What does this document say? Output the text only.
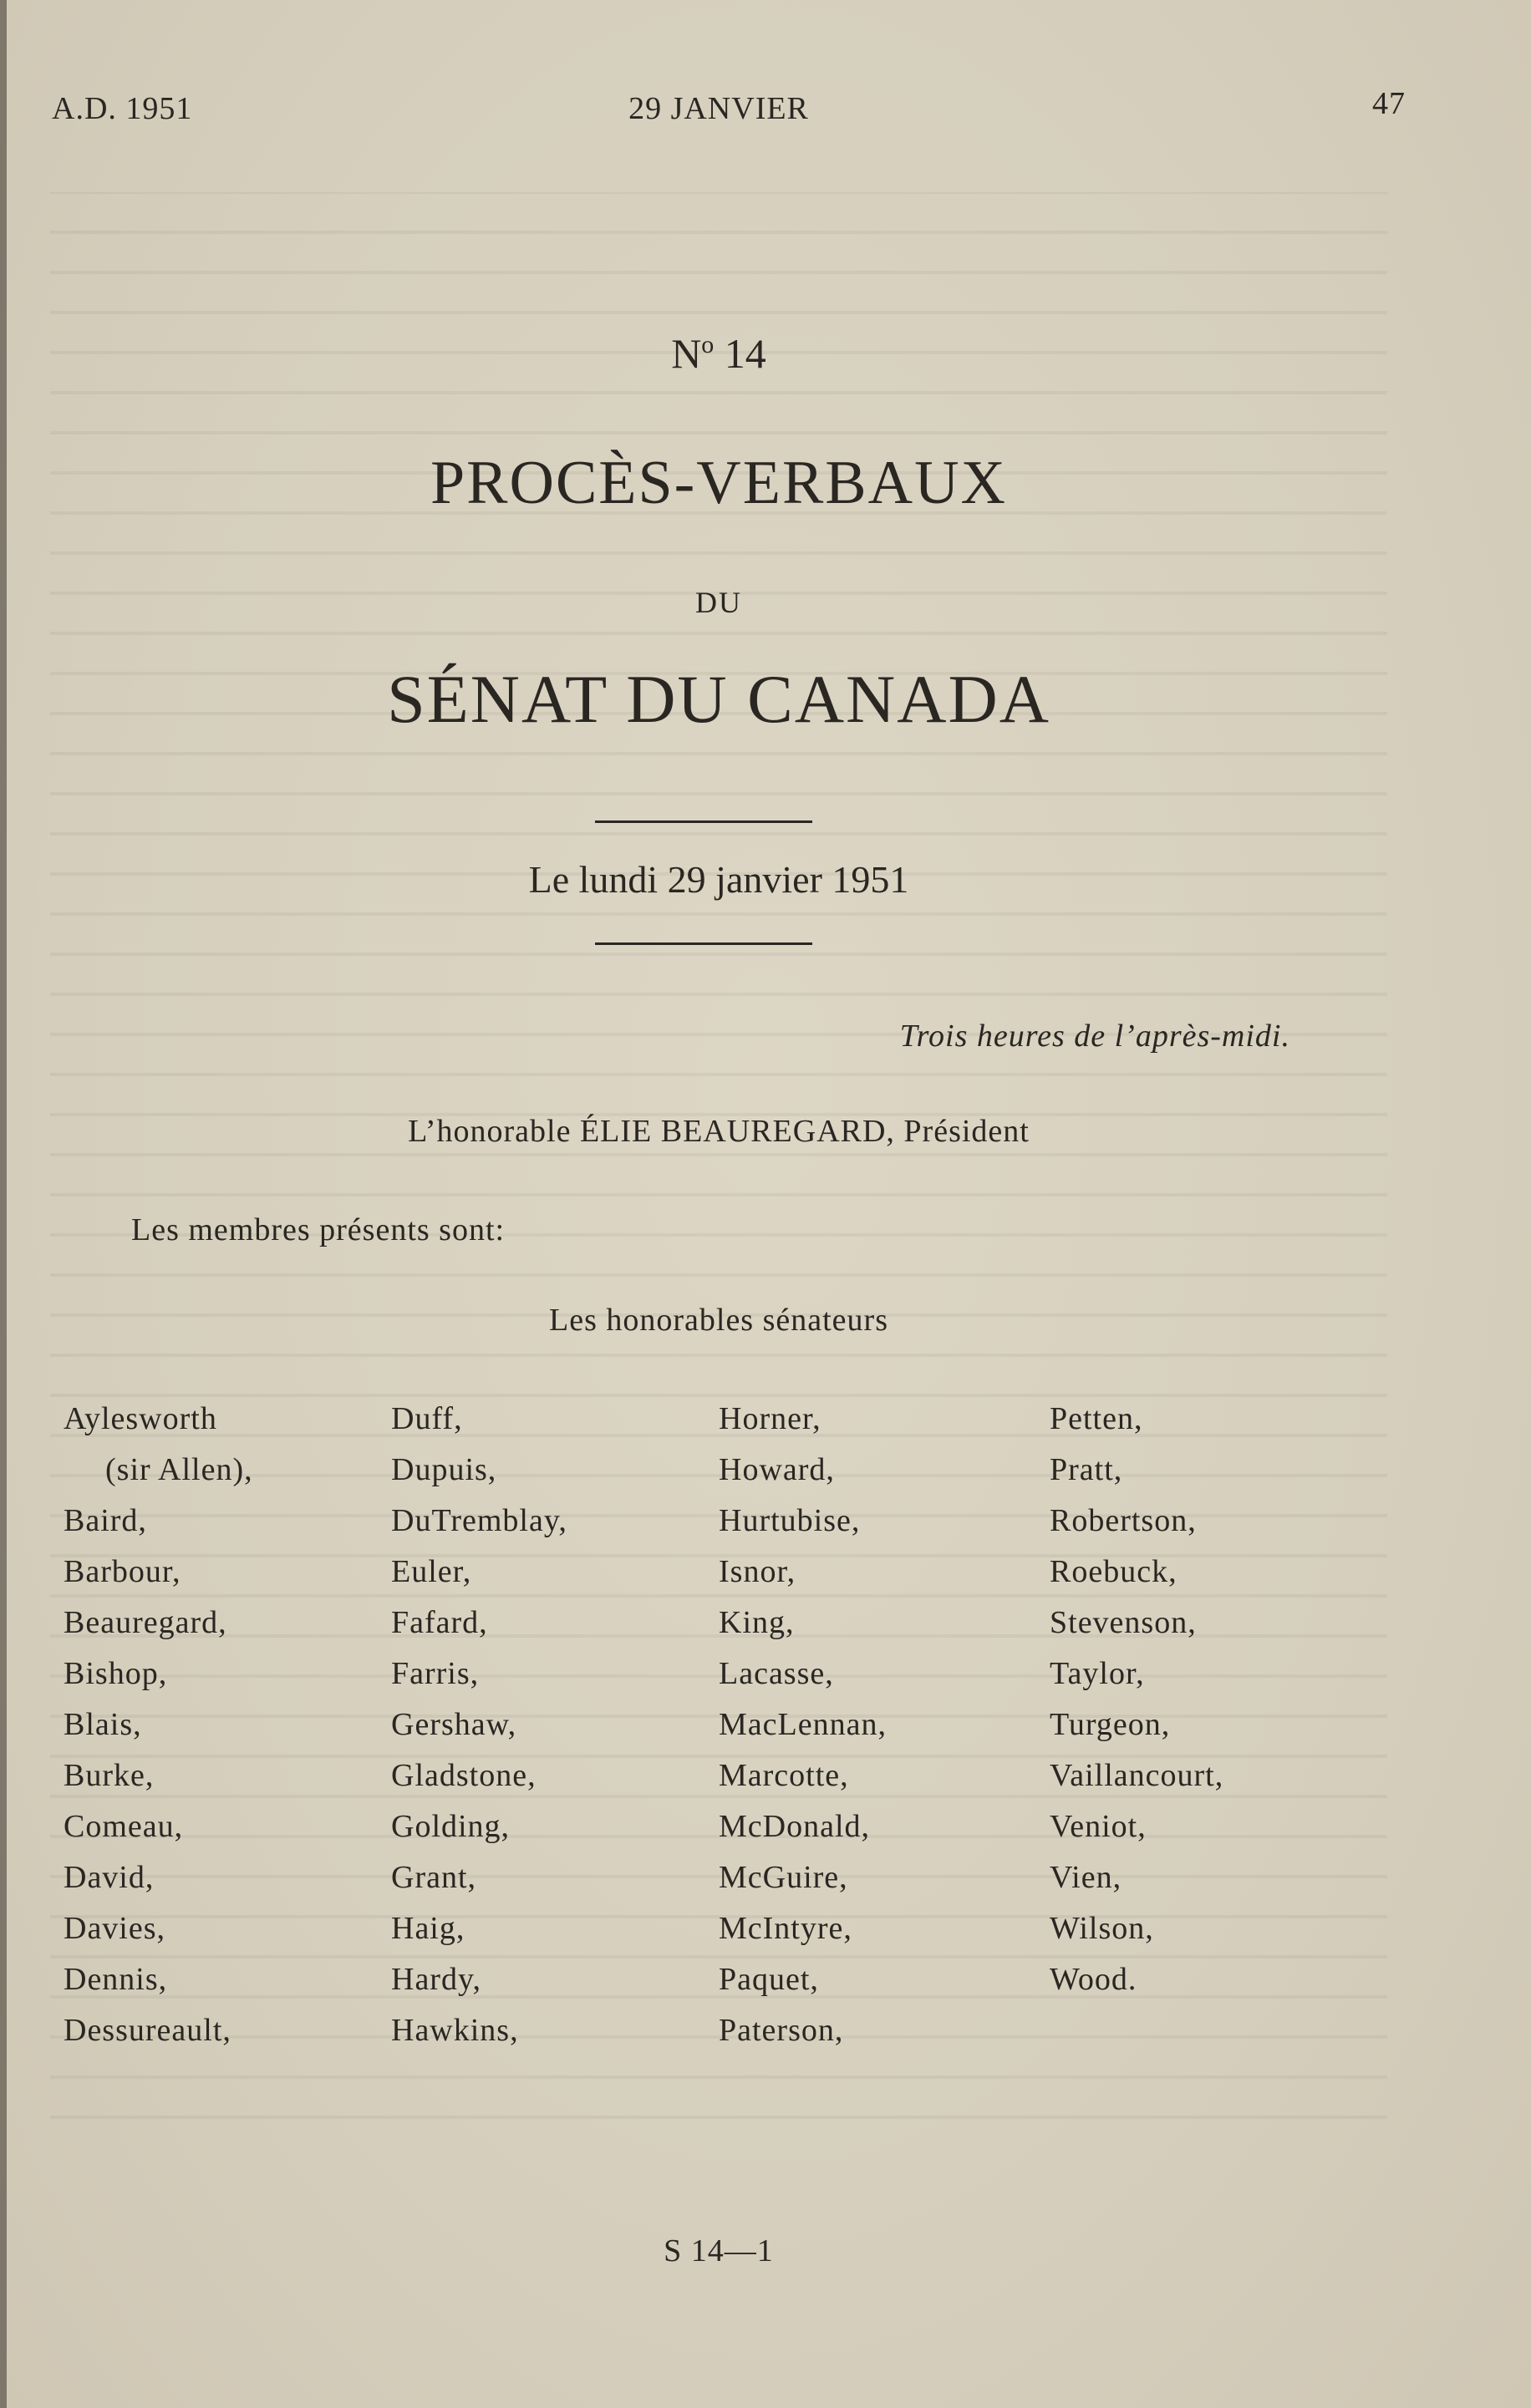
A.D. 1951	29 JANVIER	47
$N^o$ 14
PROCÈS-VERBAUX
DU
SÉNAT DU CANADA
Le lundi 29 janvier 1951
Trois heures de l’après-midi.
L’honorable ÉLIE BEAUREGARD, Président
Les membres présents sont:
Les honorables sénateurs
Aylesworth
(sir Allen),
Baird,
Barbour,
Beauregard,
Bishop,
Blais,
Burke,
Comeau,
David,
Davies,
Dennis,
Dessureault,
Duff,
Dupuis,
DuTremblay,
Euler,
Fafard,
Farris,
Gershaw,
Gladstone,
Golding,
Grant,
Haig,
Hardy,
Hawkins,
Horner,
Howard,
Hurtubise,
Isnor,
King,
Lacasse,
MacLennan,
Marcotte,
McDonald,
McGuire,
McIntyre,
Paquet,
Paterson,
Petten,
Pratt,
Robertson,
Roebuck,
Stevenson,
Taylor,
Turgeon,
Vaillancourt,
Veniot,
Vien,
Wilson,
Wood.
S 14—1
